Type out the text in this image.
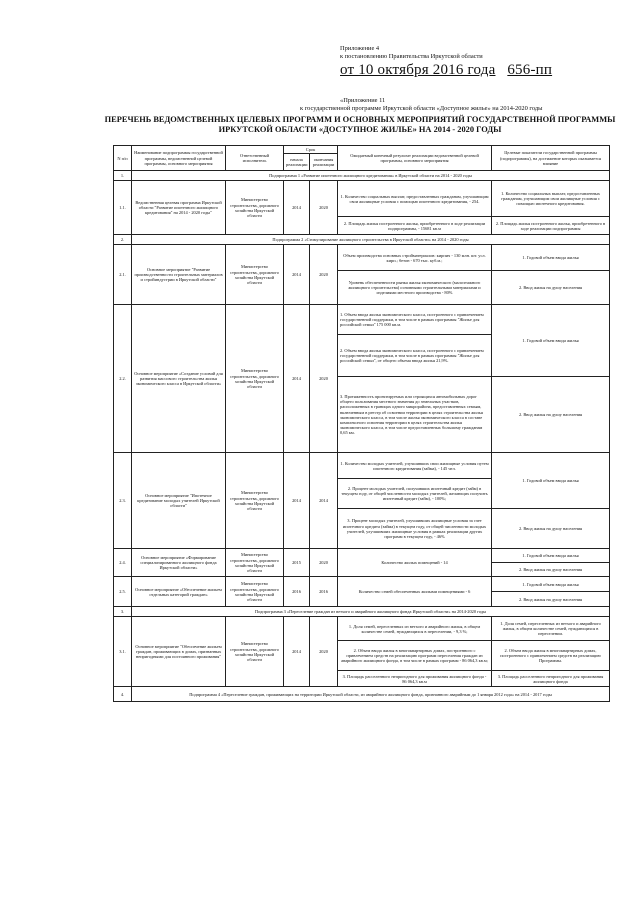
Приложение 4
к постановлению Правительства Иркутской области
от 10 октября 2016 года 656-пп
«Приложение 11
к государственной программе Иркутской области «Доступное жилье» на 2014-2020 годы
ПЕРЕЧЕНЬ ВЕДОМСТВЕННЫХ ЦЕЛЕВЫХ ПРОГРАММ И ОСНОВНЫХ МЕРОПРИЯТИЙ ГОСУДАРСТВЕННОЙ ПРОГРАММЫ ИРКУТСКОЙ ОБЛАСТИ «ДОСТУПНОЕ ЖИЛЬЕ» НА 2014 - 2020 ГОДЫ
N п/п	Наименование подпрограммы государственной программы, ведомственной целевой программы, основного мероприятия	Ответственный исполнитель	Срок		Ожидаемый конечный результат реализации ведомственной целевой программы, основного мероприятия	Целевые показатели государственной программы (подпрограммы), на достижение которых оказывается влияние
			начала реализации	окончания реализации		
1.	Подпрограмма 1 «Развитие ипотечного жилищного кредитования» в Иркутской области на 2014 - 2020 годы					
1.1.	Ведомственная целевая программа Иркутской области "Развитие ипотечного жилищного кредитования" на 2014 - 2020 годы"	Министерство строительства, дорожного хозяйства Иркутской области	2014	2020	1. Количество социальных выплат, предоставленных гражданам, улучшающим свои жилищные условия с помощью ипотечного кредитования, - 254.	1. Количество социальных выплат, предоставленных гражданам, улучшающим свои жилищные условия с помощью ипотечного кредитования.
					2. Площадь жилья построенного жилья, приобретенного в ходе реализации подпрограммы, - 15681 кв.м	2. Площадь жилья построенного жилья, приобретенного в ходе реализации подпрограммы
2.	Подпрограмма 2 «Стимулирование жилищного строительства в Иркутской области» на 2014 - 2020 годы					
2.1.	Основное мероприятие "Развитие производственности строительных материалов и стройиндустрии в Иркутской области"	Министерство строительства, дорожного хозяйства Иркутской области	2014	2020	Объем производства основных стройматериалов: кирпич - 130 млн. шт. усл. кирп.; бетон - 670 тыс. куб.м.;	1. Годовой объем ввода жилья
					Уровень обеспеченности рынка жилья экономического (малоэтажного жилищного строительства) основными строительными материалами и изделиями местного производства - 80%	2. Ввод жилья на душу населения
2.2.	Основное мероприятие «Создание условий для развития массового строительства жилья экономического класса в Иркутской области»	Министерство строительства, дорожного хозяйства Иркутской области	2014	2020	1. Объем ввода жилья экономического класса, построенного с привлечением государственной поддержки, в том числе в рамках программы "Жилье для российской семьи" 175 000 кв.м.	1. Годовой объем ввода жилья
					2. Объем ввода жилья экономического класса, построенного с привлечением государственной поддержки, в том числе в рамках программы "Жилье для российской семьи", от общего объема ввода жилья 21,9%.	
					3. Протяженность проектируемых или строящихся автомобильных дорог общего пользования местного значения до земельных участков, расположенных в границах одного микрорайона, предоставленных семьям, включенным в реестр об освоении территории в целях строительства жилья экономического класса, в том числе жилья экономического класса в составе комплексного освоения территории в целях строительства жилья экономического класса, в том числе предоставленных большому гражданам 0,65 км.	2. Ввод жилья на душу населения
2.3.	Основное мероприятие "Ипотечное кредитование молодых учителей Иркутской области"	Министерство строительства, дорожного хозяйства Иркутской области	2014	2014	1. Количество молодых учителей, улучшивших свои жилищные условия путем ипотечного кредитования (займа), - 145 чел.	1. Годовой объем ввода жилья
					2. Процент молодых учителей, получивших ипотечный кредит (займ) в текущем году, от общей численности молодых учителей, желающих получить ипотечный кредит (займ), - 100%;	
					3. Процент молодых учителей, улучшивших жилищные условия за счет ипотечного кредита (займа) в текущем году, от общей численности молодых учителей, улучшивших жилищные условия в рамках реализации других программ в текущем году, - 46%	2. Ввод жилья на душу населения
2.4.	Основное мероприятие «Формирование специализированного жилищного фонда Иркутской области»	Министерство строительства, дорожного хозяйства Иркутской области	2015	2020	Количество жилых помещений - 14	1. Годовой объем ввода жилья
						2. Ввод жилья на душу населения
2.5.	Основное мероприятие «Обеспечение жильем отдельных категорий граждан»	Министерство строительства, дорожного хозяйства Иркутской области	2016	2016	Количество семей обеспеченных жилыми помещениями - 6	1. Годовой объем ввода жилья
						2. Ввод жилья на душу населения
3.	Подпрограмма 3 «Переселение граждан из ветхого и аварийного жилищного фонда Иркутской области» на 2014-2020 годы					
3.1.	Основное мероприятие "Обеспечение жильем граждан, проживающих в домах, признанных непригодными для постоянного проживания"	Министерство строительства, дорожного хозяйства Иркутской области	2014	2020	1. Доля семей, переселенных из ветхого и аварийного жилья, в общем количестве семей, нуждающихся в переселении, - 9,3 %;	1. Доля семей, переселенных из ветхого и аварийного жилья, в общем количестве семей, нуждающихся в переселении.
					2. Объем ввода жилья в многоквартирных домах, построенного с привлечением средств на реализацию программ переселения граждан из аварийного жилищного фонда, в том числе в рамках программ - 86 064,3 кв.м;	2. Объем ввода жилья в многоквартирных домах, построенного с привлечением средств на реализацию Программы.
					3. Площадь расселенного непригодного для проживания жилищного фонда - 86 064,3 кв.м	3. Площадь расселенного непригодного для проживания жилищного фонда
4.	Подпрограмма 4 «Переселение граждан, проживающих на территории Иркутской области, из аварийного жилищного фонда, признанного аварийным до 1 января 2012 года» на 2014 - 2017 годы					
